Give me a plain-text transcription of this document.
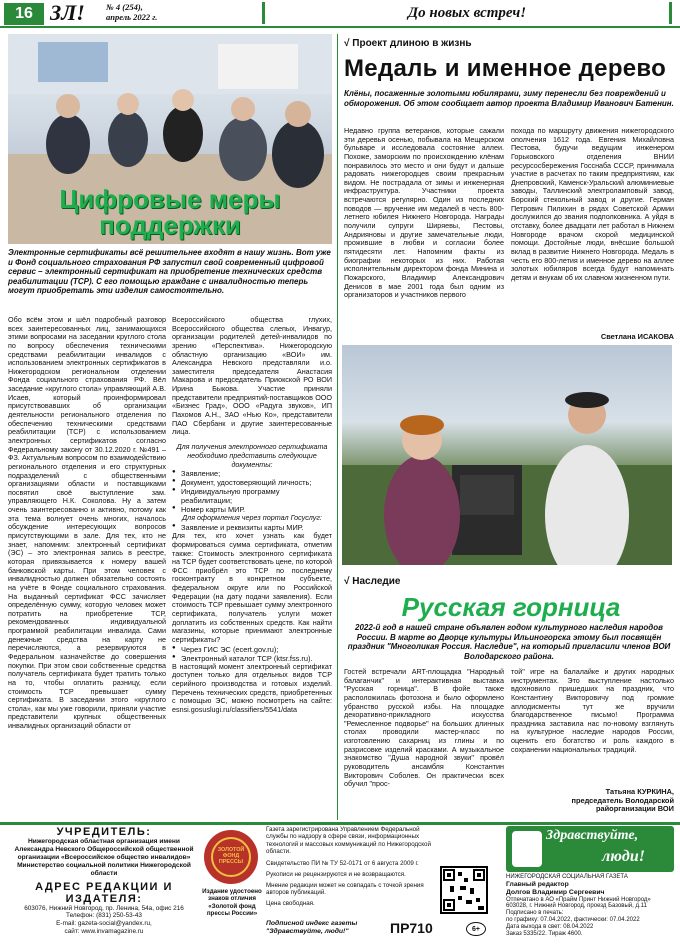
16 ЗЛ! № 4 (254),
апрель 2022 г.	До новых встреч!
Цифровые меры поддержки
Электронные сертификаты всё решительнее входят в нашу жизнь. Вот уже и Фонд социального страхования РФ запустил свой современный цифровой сервис – электронный сертификат на приобретение технических средств реабилитации (ТСР). С его помощью граждане с инвалидностью теперь могут приобретать эти изделия самостоятельно.
Обо всём этом и шёл подробный разговор всех заинтересованных лиц, занимающихся этими вопросами на заседании круглого стола по вопросу обеспечения техническими средствами реабилитации инвалидов с использованием электронных сертификатов в Нижегородском региональном отделении Фонда социального страхования РФ. Вёл заседание «круглого стола» управляющий А.В. Исаев, который проинформировал присутствовавших об организации деятельности регионального отделения по обеспечению техническими средствами реабилитации (ТСР) с использованием электронных сертификатов согласно Федеральному закону от 30.12.2020 г. №491 – ФЗ. Актуальным вопросом по взаимодействию регионального отделения и его структурных подразделений с общественными организациями области и поставщиками посвятил своё выступление зам. управляющего Н.К. Соколова. Ну а затем очень заинтересованно и активно, потому как эта тема волнует очень многих, началось обсуждение интересующих вопросов присутствующими в зале. Для тех, кто не знает, напомним: электронный сертификат (ЭС) – это электронная запись в реестре, которая привязывается к номеру вашей банковской карты. При этом человек с инвалидностью должен обязательно состоять на учёте в Фонде социального страхования. На выданный сертификат ФСС зачисляет определённую сумму, которую человек может потратить на приобретение ТСР, рекомендованных индивидуальной программой реабилитации инвалида. Сами денежные средства на карту не перечисляются, а резервируются в Федеральном казначействе до совершения покупки. При этом свои собственные средства получатель сертификата будет тратить только на то, чтобы оплатить разницу, если стоимость ТСР превышает сумму сертификата. В заседании этого «круглого стола», как мы уже говорили, приняли участие представители крупных общественных инвалидных организаций области от
Всероссийского общества глухих, Всероссийского общества слепых, Инвагур, организации родителей детей-инвалидов по зрению «Перспектива». Нижегородскую областную организацию «ВОИ» им. Александра Невского представляли и.о. заместителя председателя Анастасия Макарова и председатель Приокской РО ВОИ Ирина Быкова. Участие приняли представители предприятий-поставщиков ООО «Бизнес Град», ООО «Радуга звуков», ИП Пахомов А.Н., ЗАО «Нью Ко», представители ПАО Сбербанк и другие заинтересованные лица.
Для получения электронного сертификата необходимо представить следующие документы:
● Заявление;
● Документ, удостоверяющий личность;
● Индивидуальную программу реабилитации;
● Номер карты МИР.
Для оформления через портал Госуслуг:
● Заявление и реквизиты карты МИР.
Для тех, кто хочет узнать как будет формироваться сумма сертификата, отметим также: Стоимость электронного сертификата на ТСР будет соответствовать цене, по которой ФСС приобрёл это ТСР по последнему госконтракту в конкретном субъекте, федеральном округе или по Российской Федерации (на дату подачи заявления). Если стоимость ТСР превышает сумму электронного сертификата, получатель услуги может доплатить из собственных средств. Как найти магазины, которые принимают электронные сертификаты?
● Через ГИС ЭС (ecert.gov.ru);
● Электронный каталог ТСР (ktsr.fss.ru).
В настоящий момент электронный сертификат доступен только для отдельных видов ТСР серийного производства и готовых изделий. Перечень технических средств, приобретенных с помощью ЭС, можно посмотреть на сайте: esnsi.gosuslugi.ru/classifiers/5541/data
√ Проект длиною в жизнь
Медаль и именное дерево
Клёны, посаженные золотыми юбилярами, зиму перенесли без повреждений и обморожения. Об этом сообщает автор проекта Владимир Иванович Батенин.
Недавно группа ветеранов, которые сажали эти деревья осенью, побывала на Мещерском бульваре и исследовала состояние аллеи. Похоже, заморским по происхождению клёнам понравилось это место и они будут и дальше радовать нижегородцев своим прекрасным видом. Не пострадала от зимы и инженерная инфраструктура. Участники проекта встречаются регулярно. Один из последних поводов — вручение им медалей в честь 800-летнего юбилея Нижнего Новгорода. Награды получили супруги Ширяевы, Пестовы, Андрияновы и другие замечательные люди, прожившие в любви и согласии более пятидесяти лет. Напомним факты из биографии некоторых из них. Работая исполнительным директором фонда Минина и Пожарского, Владимир Александрович Денисов в мае 2001 года был одним из организаторов и участников первого
похода по маршруту движения нижегородского ополчения 1612 года. Евгения Михайловна Пестова, будучи ведущим инженером Горьковского отделения ВНИИ ресурсосбережения Госснаба СССР, принимала участие в расчетах по таким предприятиям, как Днепровский, Каменск-Уральский алюминиевые заводы, Таллинский электроламповый завод, Борский стекольный завод и другие. Герман Петрович Пилихин в рядах Советской Армии дослужился до звания подполковника. А уйдя в отставку, более двадцати лет работал в Нижнем Новгороде врачом скорой медицинской помощи. Достойные люди, внёсшие большой вклад в развитие Нижнего Новгорода. Медаль в честь его 800-летия и именное дерево на аллее золотых юбиляров всегда будут напоминать детям и внукам об их славном жизненном пути.
Светлана ИСАКОВА
√ Наследие
Русская горница
2022-й год в нашей стране объявлен годом культурного наследия народов России. В марте во Дворце культуры Ильиногорска этому был посвящён праздник "Многоликая Россия. Наследие", на который пригласили членов ВОИ Володарского района.
Гостей встречали ART-площадка "Народный балаганчик" и интерактивная выставка "Русская горница". В фойе также расположилась фотозона и было оформлено убранство русской избы. На площадке декоративно-прикладного искусства "Ремесленное подворье" на больших длинных столах проводили мастер-класс по изготовлению сахарниц из глины и по разрисовке изделий красками. А музыкальное знакомство "Душа народной звуки" провёл руководитель ансамбля Константин Викторович Соболев. Он практически всех обучил "прос-
той" игре на балалайке и других народных инструментах. Это выступление настолько вдохновило пришедших на праздник, что Константину Викторовичу под громкие аплодисменты тут же вручили благодарственное письмо! Программа праздника заставила нас по-новому взглянуть на культурное наследие народов России, оценить его богатство и роль каждого в сохранении национальных традиций.
Татьяна КУРКИНА,
председатель Володарской райорганизации ВОИ
УЧРЕДИТЕЛЬ:
Нижегородская областная организация имени Александра Невского Общероссийской общественной организации «Всероссийское общество инвалидов»
Министерство социальной политики Нижегородской области
АДРЕС РЕДАКЦИИ И ИЗДАТЕЛЯ:
603076, Нижний Новгород, пр. Ленина, 54а, офис 216
Телефон: (831) 250-53-43
E-mail: gazeta-social@yandex.ru,
сайт: www.invamagazine.ru
ЗОЛОТОЙ ФОНД ПРЕССЫ
Издание удостоено знаков отличия «Золотой фонд прессы России»
Газета зарегистрирована Управлением Федеральной службы по надзору в сфере связи, информационных технологий и массовых коммуникаций по Нижегородской области.
Свидетельство ПИ № ТУ 52-0171 от 6 августа 2009 г.
Рукописи не рецензируются и не возвращаются.
Мнение редакции может не совпадать с точкой зрения авторов публикаций.
Цена свободная.
Подписной индекс газеты "Здравствуйте, люди!"	ПР710	6+
Здравствуйте,
люди!
НИЖЕГОРОДСКАЯ СОЦИАЛЬНАЯ ГАЗЕТА
Главный редактор
Долгов Владимир Сергеевич
Отпечатано в АО «Прайм Принт Нижний Новгород»
603028, г. Нижний Новгород, проезд Базовый, д.11
Подписано в печать:
по графику: 07.04.2022, фактически: 07.04.2022
Дата выхода в свет: 08.04.2022
Заказ 5335/22. Тираж 4600.
